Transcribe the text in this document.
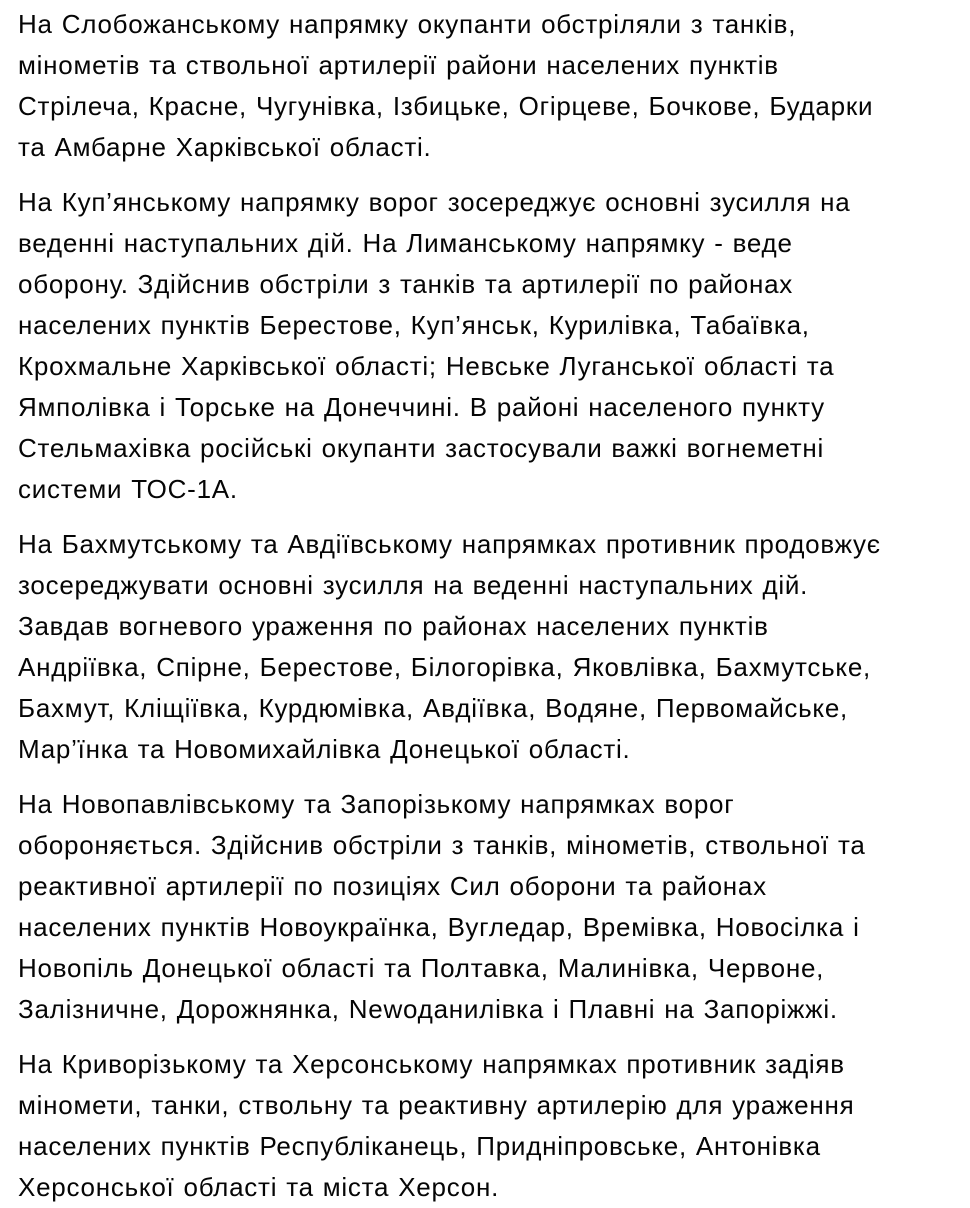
На Слобожанському напрямку окупанти обстріляли з танків,
мінометів та ствольної артилерії райони населених пунктів
Стрілеча, Красне, Чугунівка, Ізбицьке, Огірцеве, Бочкове, Бударки
та Амбарне Харківської області.

На Куп’янському напрямку ворог зосереджує основні зусилля на
веденні наступальних дій. На Лиманському напрямку - веде
оборону. Здійснив обстріли з танків та артилерії по районах
населених пунктів Берестове, Куп’янськ, Курилівка, Табаївка,
Крохмальне Харківської області; Невське Луганської області та
Ямполівка і Торське на Донеччині. В районі населеного пункту
Стельмахівка російські окупанти застосували важкі вогнеметні
системи ТОС-1А.

На Бахмутському та Авдіївському напрямках противник продовжує
зосереджувати основні зусилля на веденні наступальних дій.
Завдав вогневого ураження по районах населених пунктів
Андріївка, Спірне, Берестове, Білогорівка, Яковлівка, Бахмутське,
Бахмут, Кліщіївка, Курдюмівка, Авдіївка, Водяне, Первомайське,
Мар’їнка та Новомихайлівка Донецької області.

На Новопавлівському та Запорізькому напрямках ворог
обороняється. Здійснив обстріли з танків, мінометів, ствольної та
реактивної артилерії по позиціях Сил оборони та районах
населених пунктів Новоукраїнка, Вугледар, Времівка, Новосілка і
Новопіль Донецької області та Полтавка, Малинівка, Червоне,
Залізничне, Дорожнянка, Newоданилівка і Плавні на Запоріжжі.

На Криворізькому та Херсонському напрямках противник задіяв
міномети, танки, ствольну та реактивну артилерію для ураження
населених пунктів Республіканець, Придніпровське, Антонівка
Херсонської області та міста Херсон.
